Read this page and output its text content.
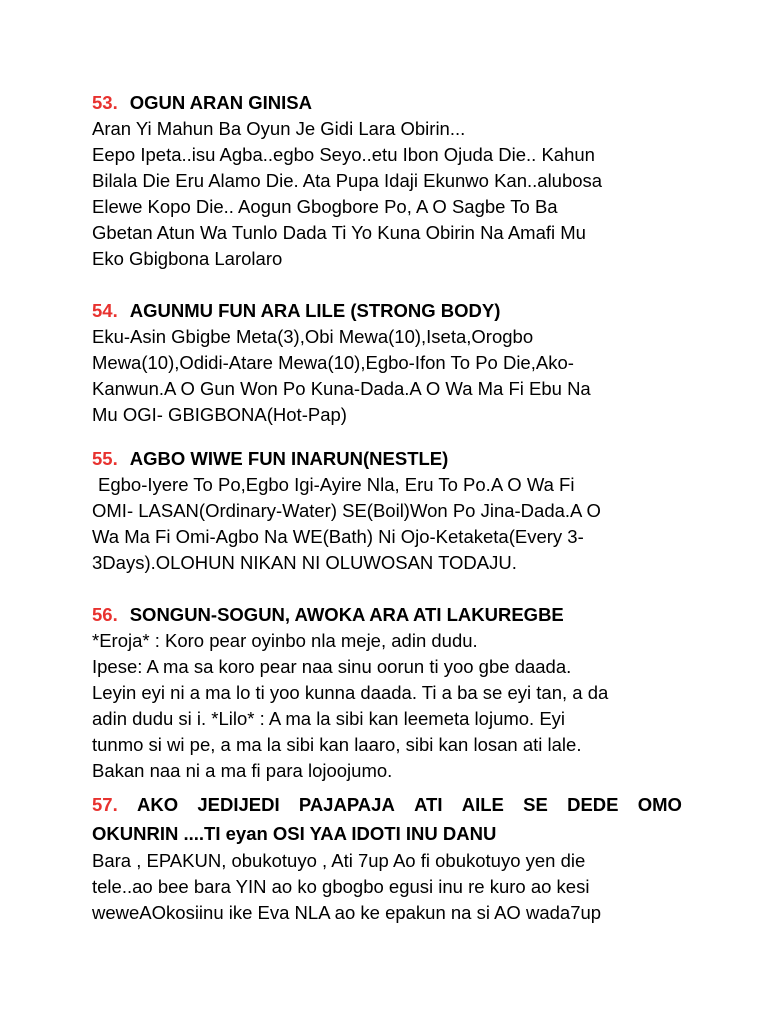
53. OGUN ARAN GINISA
Aran Yi Mahun Ba Oyun Je Gidi Lara Obirin...
Eepo Ipeta..isu Agba..egbo Seyo..etu Ibon Ojuda Die.. Kahun
Bilala Die Eru Alamo Die. Ata Pupa Idaji Ekunwo Kan..alubosa
Elewe Kopo Die.. Aogun Gbogbore Po, A O Sagbe To Ba
Gbetan Atun Wa Tunlo Dada Ti Yo Kuna Obirin Na Amafi Mu
Eko Gbigbona Larolaro
54. AGUNMU FUN ARA LILE (STRONG BODY)
Eku-Asin Gbigbe Meta(3),Obi Mewa(10),Iseta,Orogbo
Mewa(10),Odidi-Atare Mewa(10),Egbo-Ifon To Po Die,Ako-
Kanwun.A O Gun Won Po Kuna-Dada.A O Wa Ma Fi Ebu Na
Mu OGI- GBIGBONA(Hot-Pap)
55. AGBO WIWE FUN INARUN(NESTLE)
Egbo-Iyere To Po,Egbo Igi-Ayire Nla, Eru To Po.A O Wa Fi
OMI- LASAN(Ordinary-Water) SE(Boil)Won Po Jina-Dada.A O
Wa Ma Fi Omi-Agbo Na WE(Bath) Ni Ojo-Ketaketa(Every 3-
3Days).OLOHUN NIKAN NI OLUWOSAN TODAJU.
56. SONGUN-SOGUN, AWOKA ARA ATI LAKUREGBE
*Eroja* : Koro pear oyinbo nla meje, adin dudu.
Ipese: A ma sa koro pear naa sinu oorun ti yoo gbe daada.
Leyin eyi ni a ma lo ti yoo kunna daada. Ti a ba se eyi tan, a da
adin dudu si i. *Lilo* : A ma la sibi kan leemeta lojumo. Eyi
tunmo si wi pe, a ma la sibi kan laaro, sibi kan losan ati lale.
Bakan naa ni a ma fi para lojoojumo.
57. AKO JEDIJEDI PAJAPAJA ATI AILE SE DEDE OMO
OKUNRIN ....TI eyan OSI YAA IDOTI INU DANU
Bara , EPAKUN, obukotuyo , Ati 7up Ao fi obukotuyo yen die
tele..ao bee bara YIN ao ko gbogbo egusi inu re kuro ao kesi
weweAOkosiinu ike Eva NLA ao ke epakun na si AO wada7up
